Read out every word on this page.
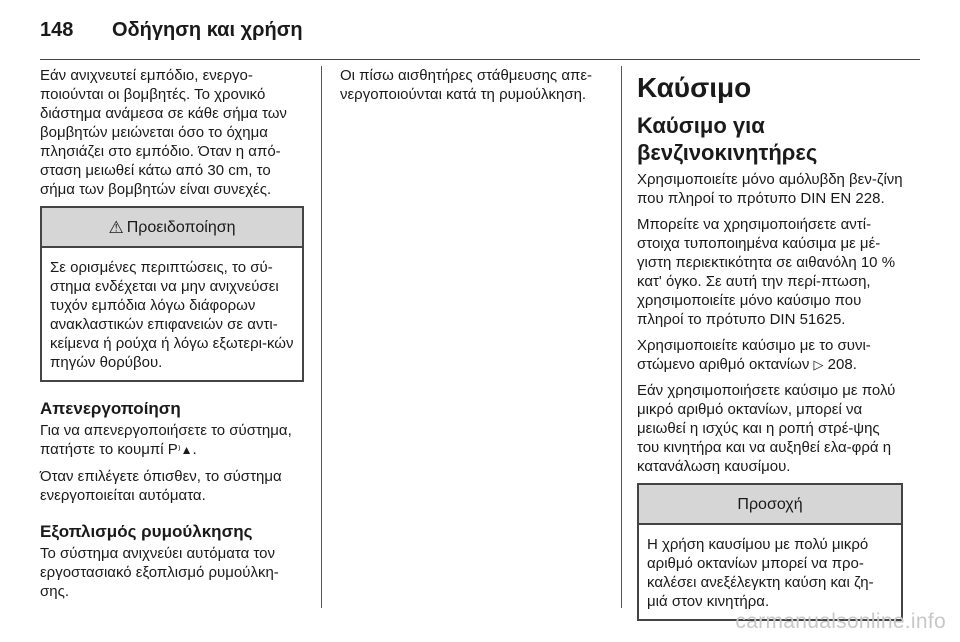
148	Οδήγηση και χρήση

Εάν ανιχνευτεί εμπόδιο, ενεργο-ποιούνται οι βομβητές. Το χρονικό διάστημα ανάμεσα σε κάθε σήμα των βομβητών μειώνεται όσο το όχημα πλησιάζει στο εμπόδιο. Όταν η από-σταση μειωθεί κάτω από 30 cm, το σήμα των βομβητών είναι συνεχές.

⚠ Προειδοποίηση
Σε ορισμένες περιπτώσεις, το σύ-στημα ενδέχεται να μην ανιχνεύσει τυχόν εμπόδια λόγω διάφορων ανακλαστικών επιφανειών σε αντι-κείμενα ή ρούχα ή λόγω εξωτερι-κών πηγών θορύβου.
Απενεργοποίηση

Για να απενεργοποιήσετε το σύστημα, πατήστε το κουμπί P⁾▲.

Όταν επιλέγετε όπισθεν, το σύστημα ενεργοποιείται αυτόματα.

Εξοπλισμός ρυμούλκησης

Το σύστημα ανιχνεύει αυτόματα τον εργοστασιακό εξοπλισμό ρυμούλκη-σης.

Οι πίσω αισθητήρες στάθμευσης απε-νεργοποιούνται κατά τη ρυμούλκηση.	Καύσιμο
Καύσιμο για βενζινοκινητήρες

Χρησιμοποιείτε μόνο αμόλυβδη βεν-ζίνη που πληροί το πρότυπο DIN EN 228.

Μπορείτε να χρησιμοποιήσετε αντί-στοιχα τυποποιημένα καύσιμα με μέ-γιστη περιεκτικότητα σε αιθανόλη 10 % κατ' όγκο. Σε αυτή την περί-πτωση, χρησιμοποιείτε μόνο καύσιμο που πληροί το πρότυπο DIN 51625.

Χρησιμοποιείτε καύσιμο με το συνι-στώμενο αριθμό οκτανίων ▷ 208.

Εάν χρησιμοποιήσετε καύσιμο με πολύ μικρό αριθμό οκτανίων, μπορεί να μειωθεί η ισχύς και η ροπή στρέ-ψης του κινητήρα και να αυξηθεί ελα-φρά η κατανάλωση καυσίμου.

Προσοχή
Η χρήση καυσίμου με πολύ μικρό αριθμό οκτανίων μπορεί να προ-καλέσει ανεξέλεγκτη καύση και ζη-μιά στον κινητήρα.
carmanualsonline.info
